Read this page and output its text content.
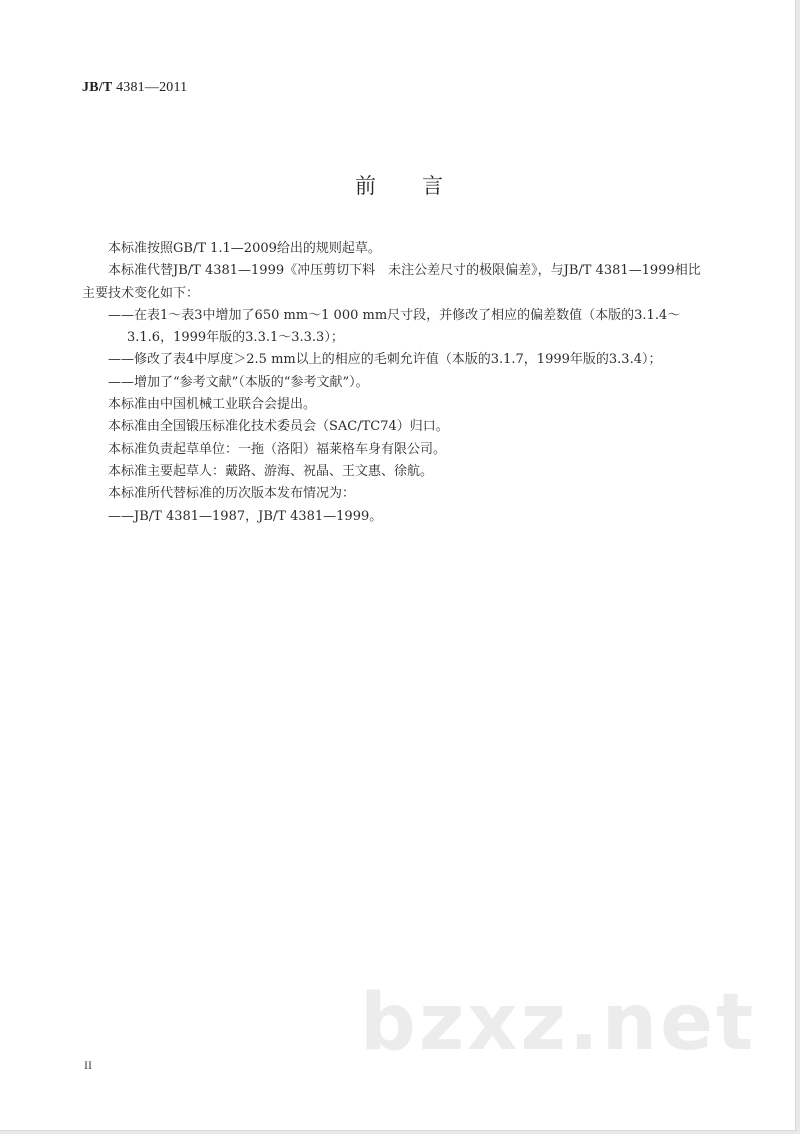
JB/T 4381—2011
前 言
本标准按照GB/T 1.1—2009给出的规则起草。
本标准代替JB/T 4381—1999《冲压剪切下料　未注公差尺寸的极限偏差》，与JB/T 4381—1999相比
主要技术变化如下：
——在表1～表3中增加了650 mm～1 000 mm尺寸段，并修改了相应的偏差数值（本版的3.1.4～
3.1.6，1999年版的3.3.1～3.3.3）；
——修改了表4中厚度＞2.5 mm以上的相应的毛刺允许值（本版的3.1.7，1999年版的3.3.4）；
——增加了“参考文献”（本版的“参考文献”）。
本标准由中国机械工业联合会提出。
本标准由全国锻压标准化技术委员会（SAC/TC74）归口。
本标准负责起草单位：一拖（洛阳）福莱格车身有限公司。
本标准主要起草人：戴路、游海、祝晶、王文惠、徐航。
本标准所代替标准的历次版本发布情况为：
——JB/T 4381—1987，JB/T 4381—1999。
bzxz.net
II
